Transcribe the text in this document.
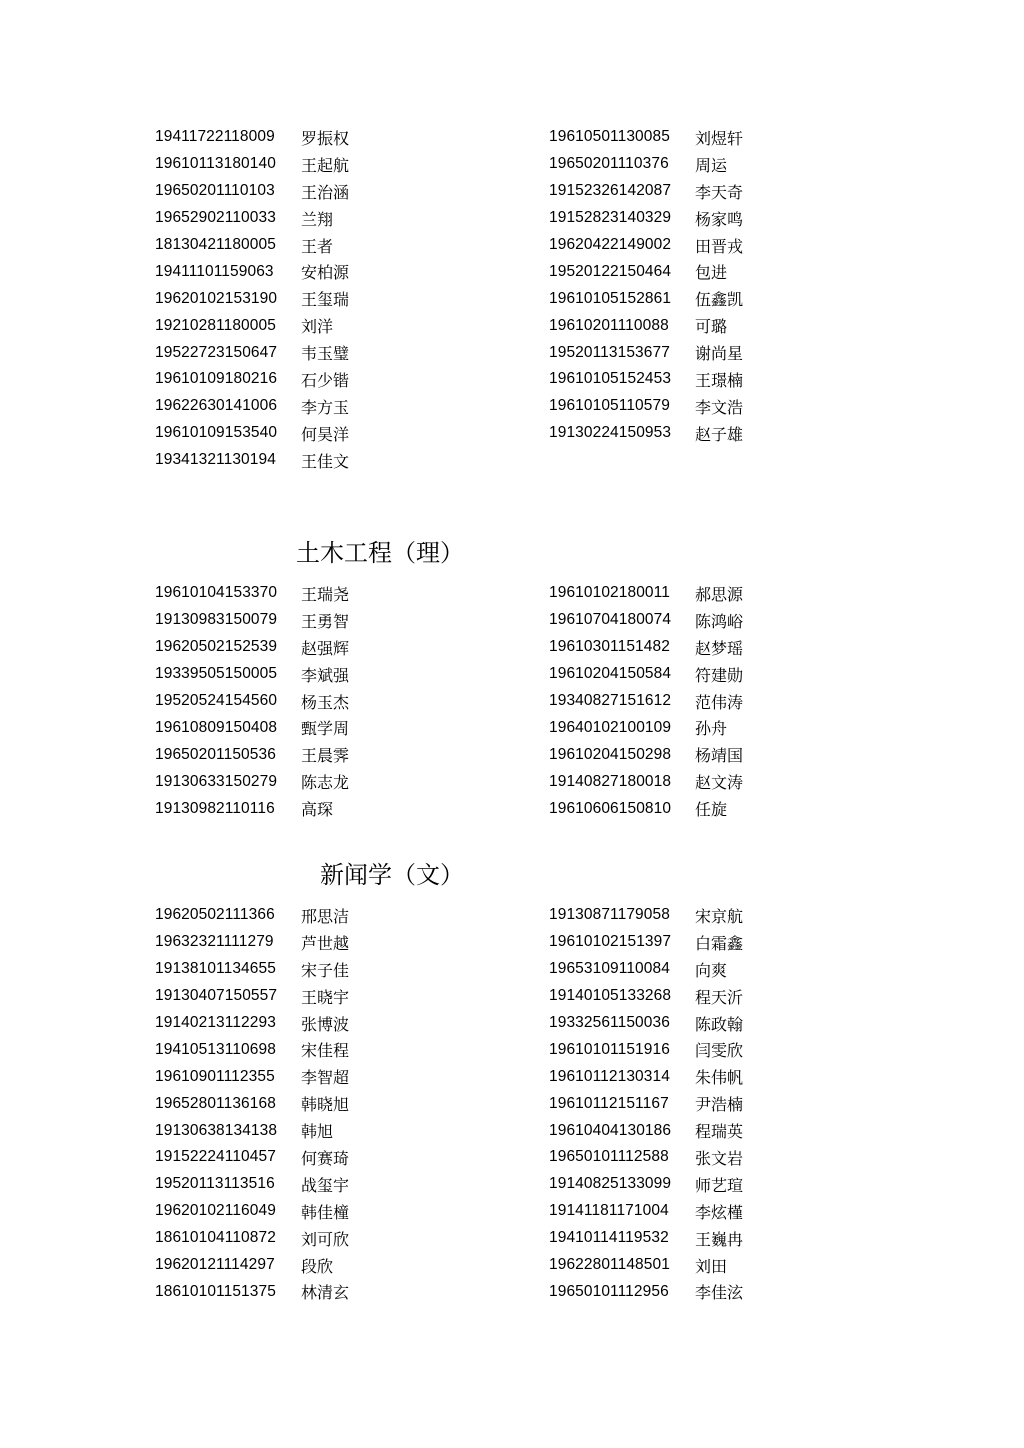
19411722118009	罗振权
19610113180140	王起航
19650201110103	王治涵
19652902110033	兰翔
18130421180005	王者
19411101159063	安柏源
19620102153190	王玺瑞
19210281180005	刘洋
19522723150647	韦玉璧
19610109180216	石少锴
19622630141006	李方玉
19610109153540	何昊洋
19341321130194	王佳文
19610501130085	刘煜轩
19650201110376	周运
19152326142087	李天奇
19152823140329	杨家鸣
19620422149002	田晋戎
19520122150464	包进
19610105152861	伍鑫凯
19610201110088	可璐
19520113153677	谢尚星
19610105152453	王璟楠
19610105110579	李文浩
19130224150953	赵子雄
土木工程（理）
19610104153370	王瑞尧
19130983150079	王勇智
19620502152539	赵强辉
19339505150005	李斌强
19520524154560	杨玉杰
19610809150408	甄学周
19650201150536	王晨霁
19130633150279	陈志龙
19130982110116	高琛
19610102180011	郝思源
19610704180074	陈鸿峪
19610301151482	赵梦瑶
19610204150584	符建勋
19340827151612	范伟涛
19640102100109	孙舟
19610204150298	杨靖国
19140827180018	赵文涛
19610606150810	任旋
新闻学（文）
19620502111366	邢思洁
19632321111279	芦世越
19138101134655	宋子佳
19130407150557	王晓宇
19140213112293	张博波
19410513110698	宋佳程
19610901112355	李智超
19652801136168	韩晓旭
19130638134138	韩旭
19152224110457	何赛琦
19520113113516	战玺宇
19620102116049	韩佳橦
18610104110872	刘可欣
19620121114297	段欣
18610101151375	林清玄
19130871179058	宋京航
19610102151397	白霜鑫
19653109110084	向爽
19140105133268	程天沂
19332561150036	陈政翰
19610101151916	闫雯欣
19610112130314	朱伟帆
19610112151167	尹浩楠
19610404130186	程瑞英
19650101112588	张文岩
19140825133099	师艺瑄
19141181171004	李炫槿
19410114119532	王巍冉
19622801148501	刘田
19650101112956	李佳泫
